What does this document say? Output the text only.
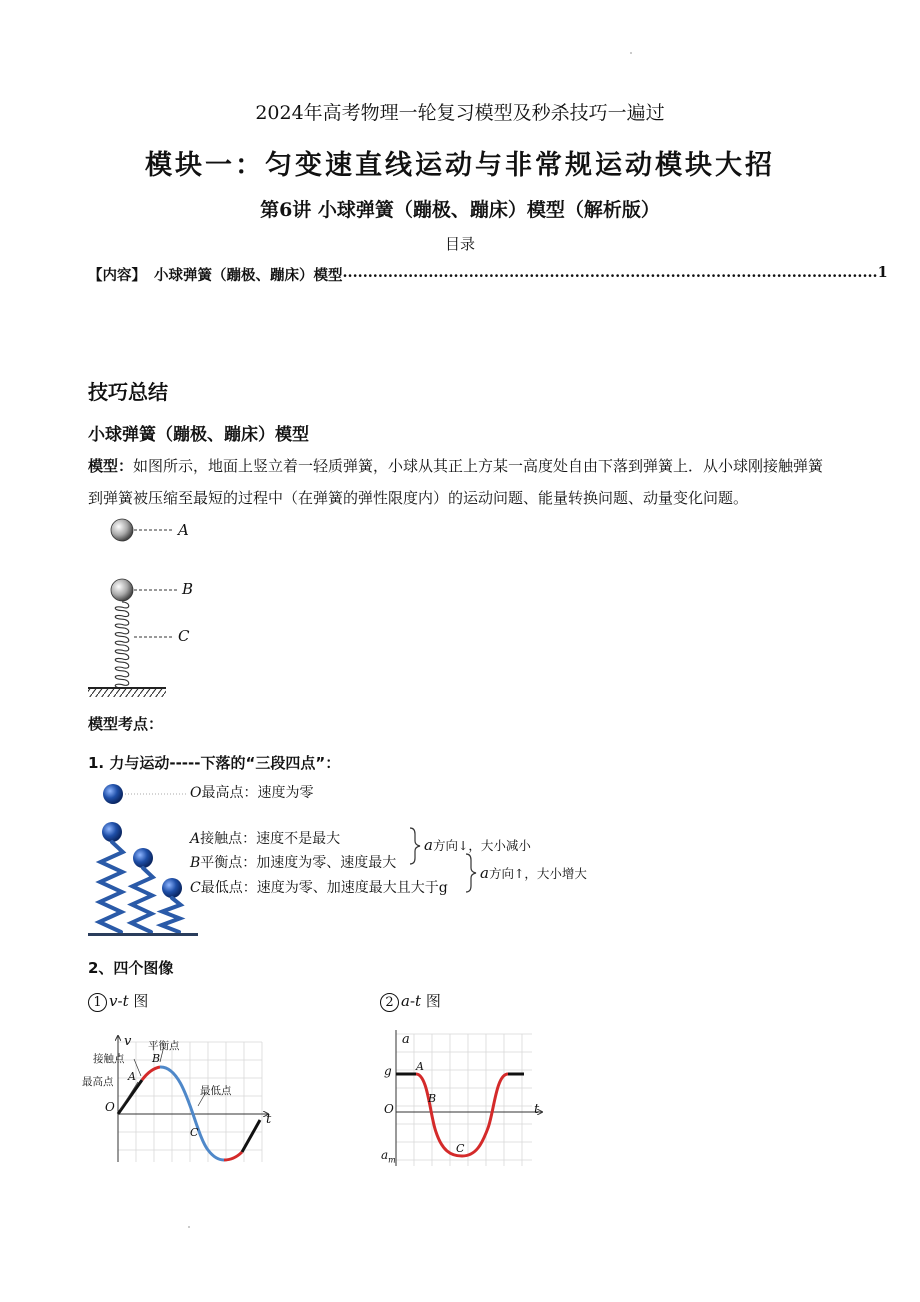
2024年高考物理一轮复习模型及秒杀技巧一遍过
模块一：匀变速直线运动与非常规运动模块大招
第6讲 小球弹簧（蹦极、蹦床）模型（解析版）
目录
【内容】 小球弹簧（蹦极、蹦床）模型 .......................................................................................................... 1
技巧总结
小球弹簧（蹦极、蹦床）模型
模型：如图所示，地面上竖立着一轻质弹簧，小球从其正上方某一高度处自由下落到弹簧上．从小球刚接触弹簧到弹簧被压缩至最短的过程中（在弹簧的弹性限度内）的运动问题、能量转换问题、动量变化问题。
A
B
C
模型考点：
1. 力与运动-----下落的“三段四点”：
O最高点：速度为零
A接触点：速度不是最大
B平衡点：加速度为零、速度最大
C最低点：速度为零、加速度最大且大于g
a方向↓，大小减小
a方向↑，大小增大
2、四个图像
1 v-t 图	2 a-t 图
v
t
O
A
B
C
接触点
平衡点
最高点
最低点
a
t
g
O
$a_m$
A
B
C
